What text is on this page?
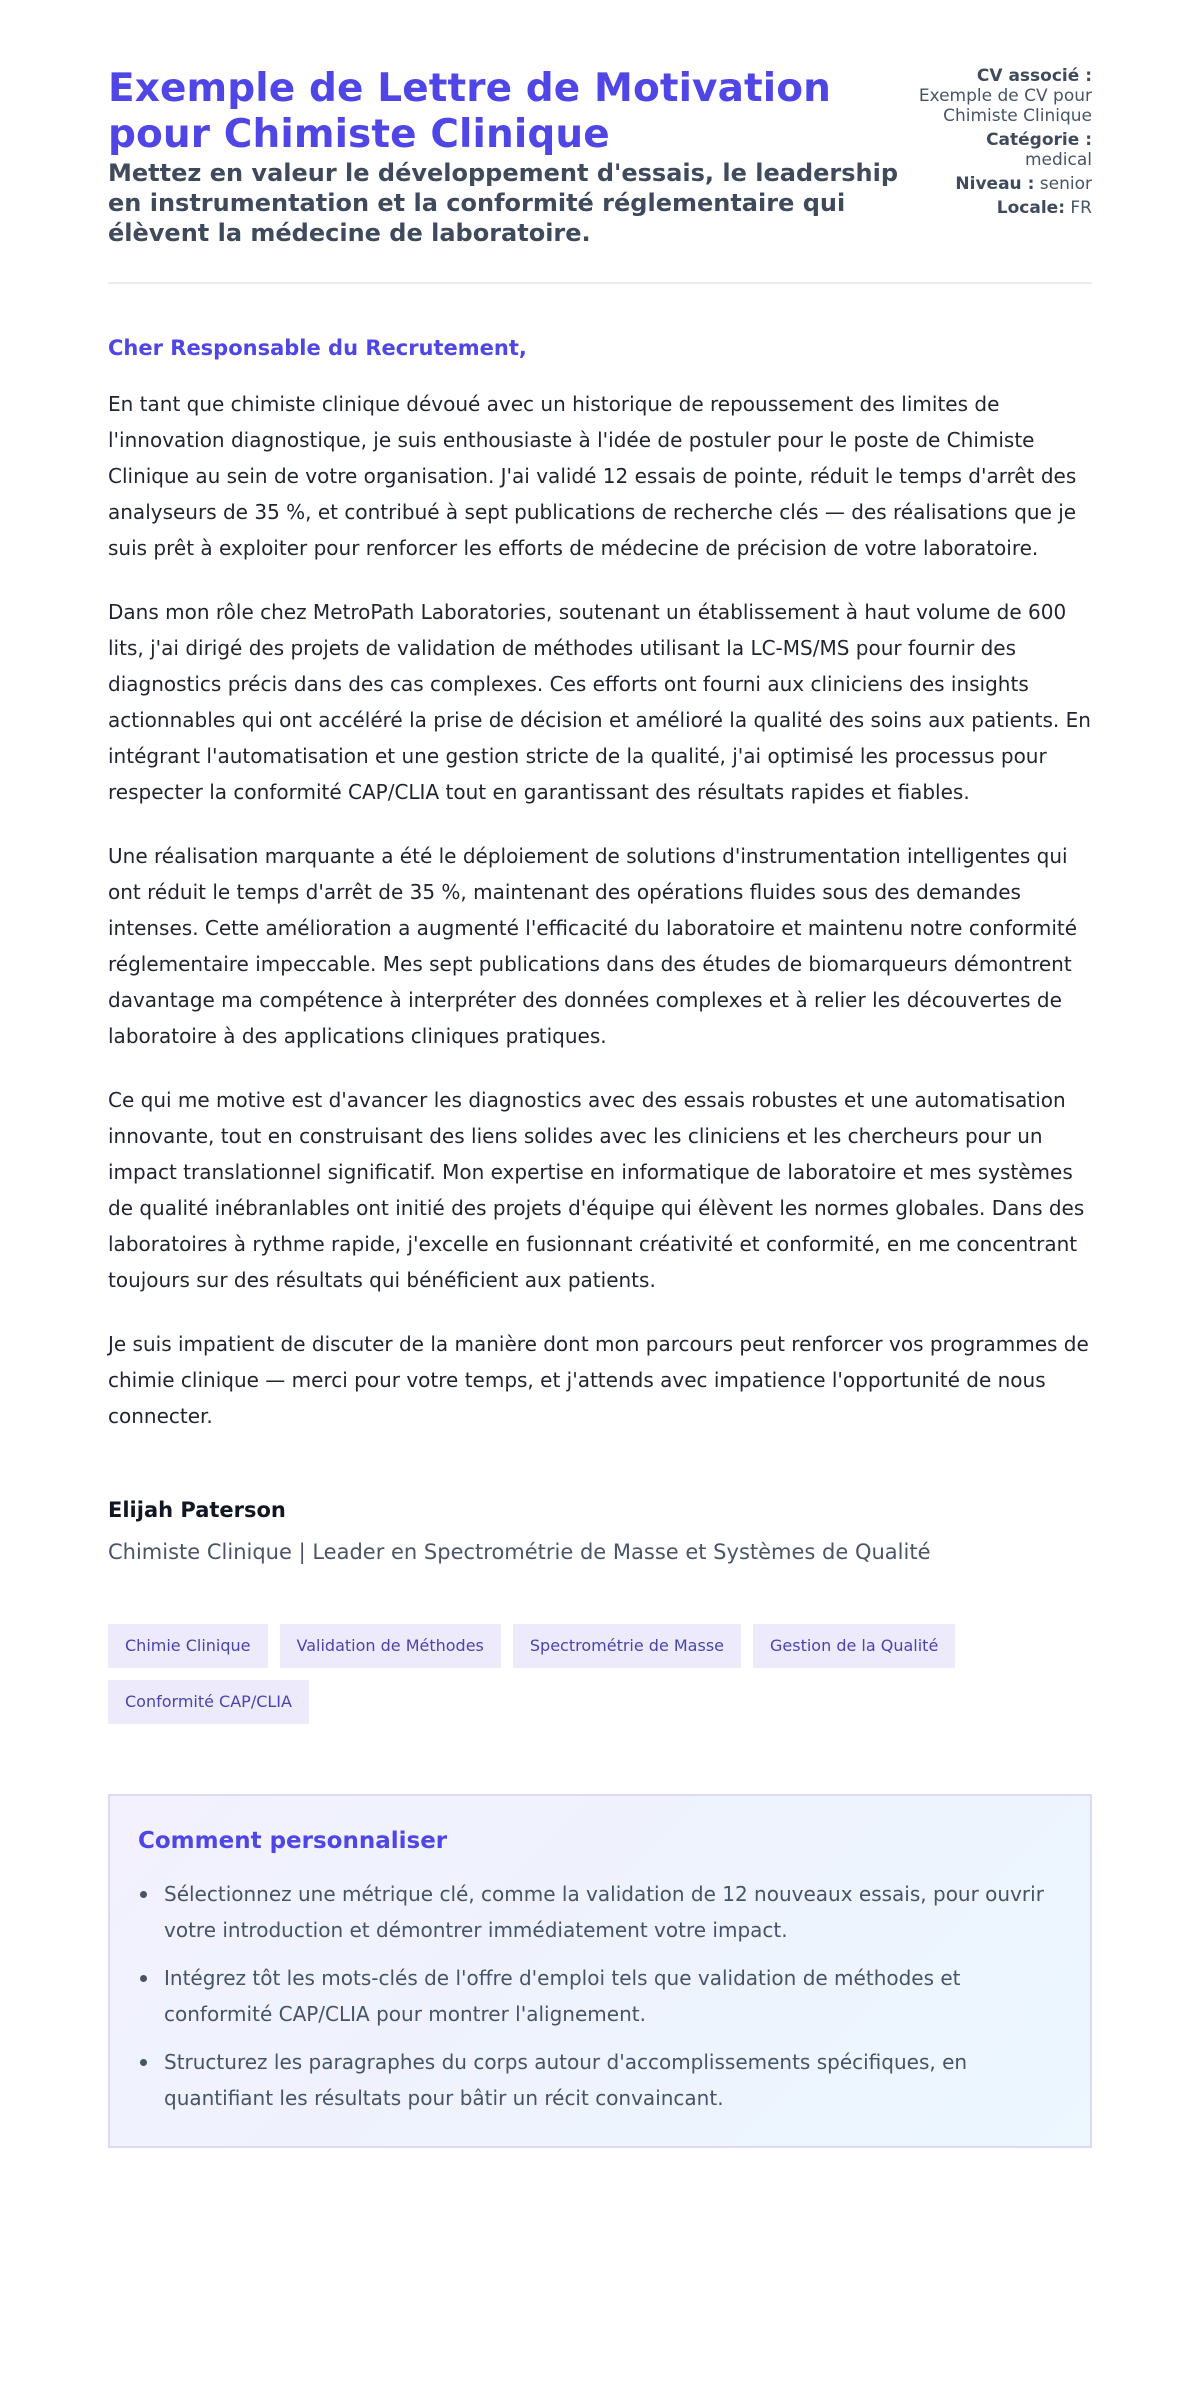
Exemple de Lettre de Motivation pour Chimiste Clinique
Mettez en valeur le développement d'essais, le leadership en instrumentation et la conformité réglementaire qui élèvent la médecine de laboratoire.
CV associé :
Exemple de CV pour Chimiste Clinique
Catégorie :
medical
Niveau : senior
Locale: FR
Cher Responsable du Recrutement,

En tant que chimiste clinique dévoué avec un historique de repoussement des limites de l'innovation diagnostique, je suis enthousiaste à l'idée de postuler pour le poste de Chimiste Clinique au sein de votre organisation. J'ai validé 12 essais de pointe, réduit le temps d'arrêt des analyseurs de 35 %, et contribué à sept publications de recherche clés — des réalisations que je suis prêt à exploiter pour renforcer les efforts de médecine de précision de votre laboratoire.

Dans mon rôle chez MetroPath Laboratories, soutenant un établissement à haut volume de 600 lits, j'ai dirigé des projets de validation de méthodes utilisant la LC-MS/MS pour fournir des diagnostics précis dans des cas complexes. Ces efforts ont fourni aux cliniciens des insights actionnables qui ont accéléré la prise de décision et amélioré la qualité des soins aux patients. En intégrant l'automatisation et une gestion stricte de la qualité, j'ai optimisé les processus pour respecter la conformité CAP/CLIA tout en garantissant des résultats rapides et fiables.

Une réalisation marquante a été le déploiement de solutions d'instrumentation intelligentes qui ont réduit le temps d'arrêt de 35 %, maintenant des opérations fluides sous des demandes intenses. Cette amélioration a augmenté l'efficacité du laboratoire et maintenu notre conformité réglementaire impeccable. Mes sept publications dans des études de biomarqueurs démontrent davantage ma compétence à interpréter des données complexes et à relier les découvertes de laboratoire à des applications cliniques pratiques.

Ce qui me motive est d'avancer les diagnostics avec des essais robustes et une automatisation innovante, tout en construisant des liens solides avec les cliniciens et les chercheurs pour un impact translationnel significatif. Mon expertise en informatique de laboratoire et mes systèmes de qualité inébranlables ont initié des projets d'équipe qui élèvent les normes globales. Dans des laboratoires à rythme rapide, j'excelle en fusionnant créativité et conformité, en me concentrant toujours sur des résultats qui bénéficient aux patients.

Je suis impatient de discuter de la manière dont mon parcours peut renforcer vos programmes de chimie clinique — merci pour votre temps, et j'attends avec impatience l'opportunité de nous connecter.

Elijah Paterson
Chimiste Clinique | Leader en Spectrométrie de Masse et Systèmes de Qualité
Chimie Clinique	Validation de Méthodes	Spectrométrie de Masse	Gestion de la Qualité
Conformité CAP/CLIA
Comment personnaliser
Sélectionnez une métrique clé, comme la validation de 12 nouveaux essais, pour ouvrir votre introduction et démontrer immédiatement votre impact.
Intégrez tôt les mots-clés de l'offre d'emploi tels que validation de méthodes et conformité CAP/CLIA pour montrer l'alignement.
Structurez les paragraphes du corps autour d'accomplissements spécifiques, en quantifiant les résultats pour bâtir un récit convaincant.
